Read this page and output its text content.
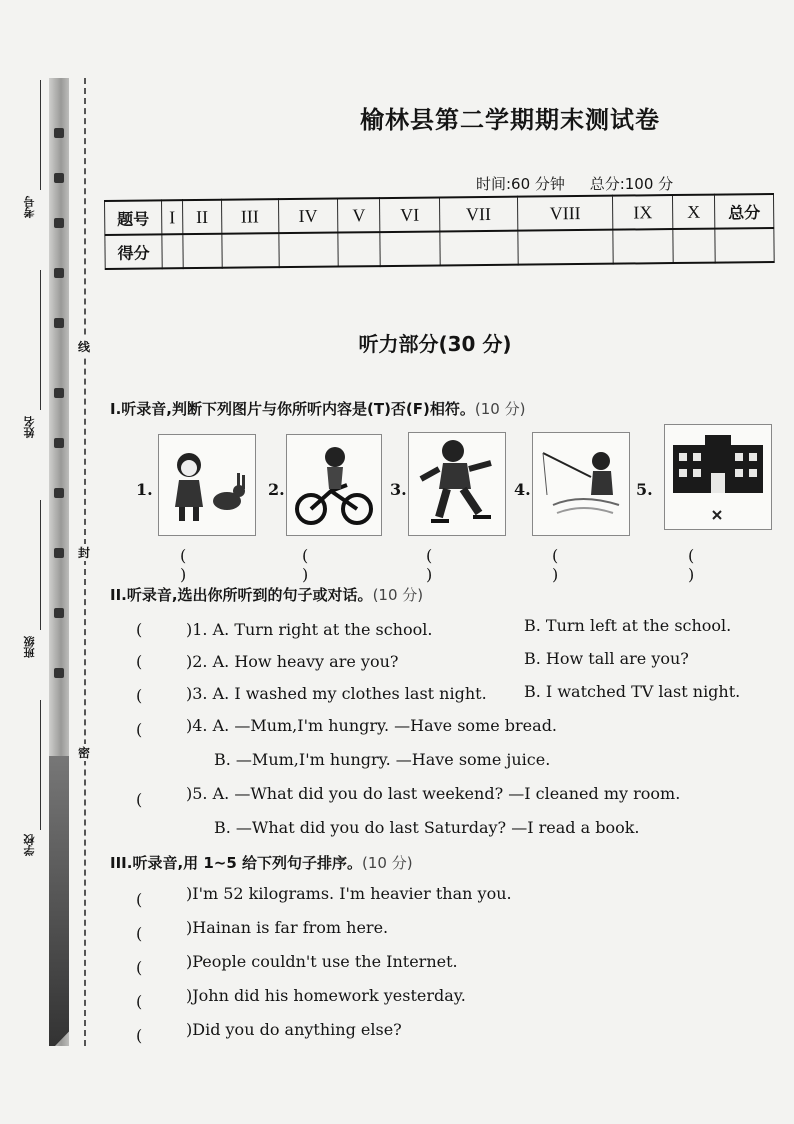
线
封
密
考号
姓名
班级
学校
榆林县第二学期期末测试卷
时间:60 分钟 总分:100 分
题号	I	II	III	IV	V	VI	VII	VIII	IX	X	总分
得分											
听力部分(30 分)
I.听录音,判断下列图片与你所听内容是(T)否(F)相符。(10 分)
1.
( )
2.
( )
3.
( )
4.
( )
5.
( )
II.听录音,选出你所听到的句子或对话。(10 分)
(	)1. A. Turn right at the school.	B. Turn left at the school.
(	)2. A. How heavy are you?	B. How tall are you?
(	)3. A. I washed my clothes last night. B. I watched TV last night.
(	)4. A. —Mum,I'm hungry. —Have some bread.
B. —Mum,I'm hungry. —Have some juice.
(	)5. A. —What did you do last weekend? —I cleaned my room.
B. —What did you do last Saturday? —I read a book.
III.听录音,用 1~5 给下列句子排序。(10 分)
(	)I'm 52 kilograms. I'm heavier than you.
(	)Hainan is far from here.
(	)People couldn't use the Internet.
(	)John did his homework yesterday.
(	)Did you do anything else?
